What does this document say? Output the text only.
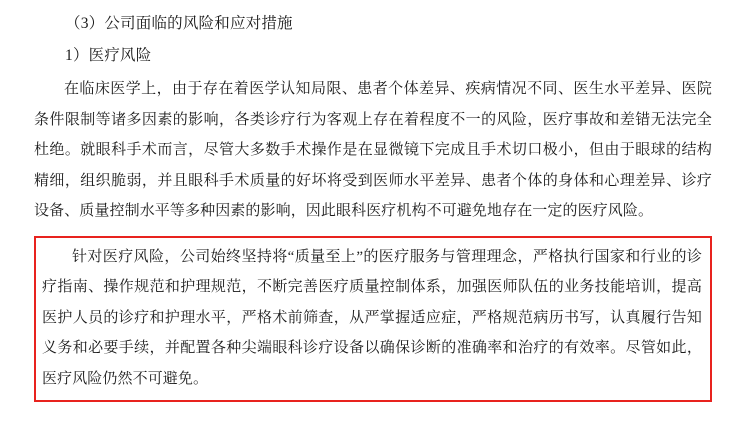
（3）公司面临的风险和应对措施

1）医疗风险

在临床医学上，由于存在着医学认知局限、患者个体差异、疾病情况不同、医生水平差异、医院条件限制等诸多因素的影响，各类诊疗行为客观上存在着程度不一的风险，医疗事故和差错无法完全杜绝。就眼科手术而言，尽管大多数手术操作是在显微镜下完成且手术切口极小，但由于眼球的结构精细，组织脆弱，并且眼科手术质量的好坏将受到医师水平差异、患者个体的身体和心理差异、诊疗设备、质量控制水平等多种因素的影响，因此眼科医疗机构不可避免地存在一定的医疗风险。

针对医疗风险，公司始终坚持将“质量至上”的医疗服务与管理理念，严格执行国家和行业的诊疗指南、操作规范和护理规范，不断完善医疗质量控制体系，加强医师队伍的业务技能培训，提高医护人员的诊疗和护理水平，严格术前筛查，从严掌握适应症，严格规范病历书写，认真履行告知义务和必要手续，并配置各种尖端眼科诊疗设备以确保诊断的准确率和治疗的有效率。尽管如此，医疗风险仍然不可避免。
